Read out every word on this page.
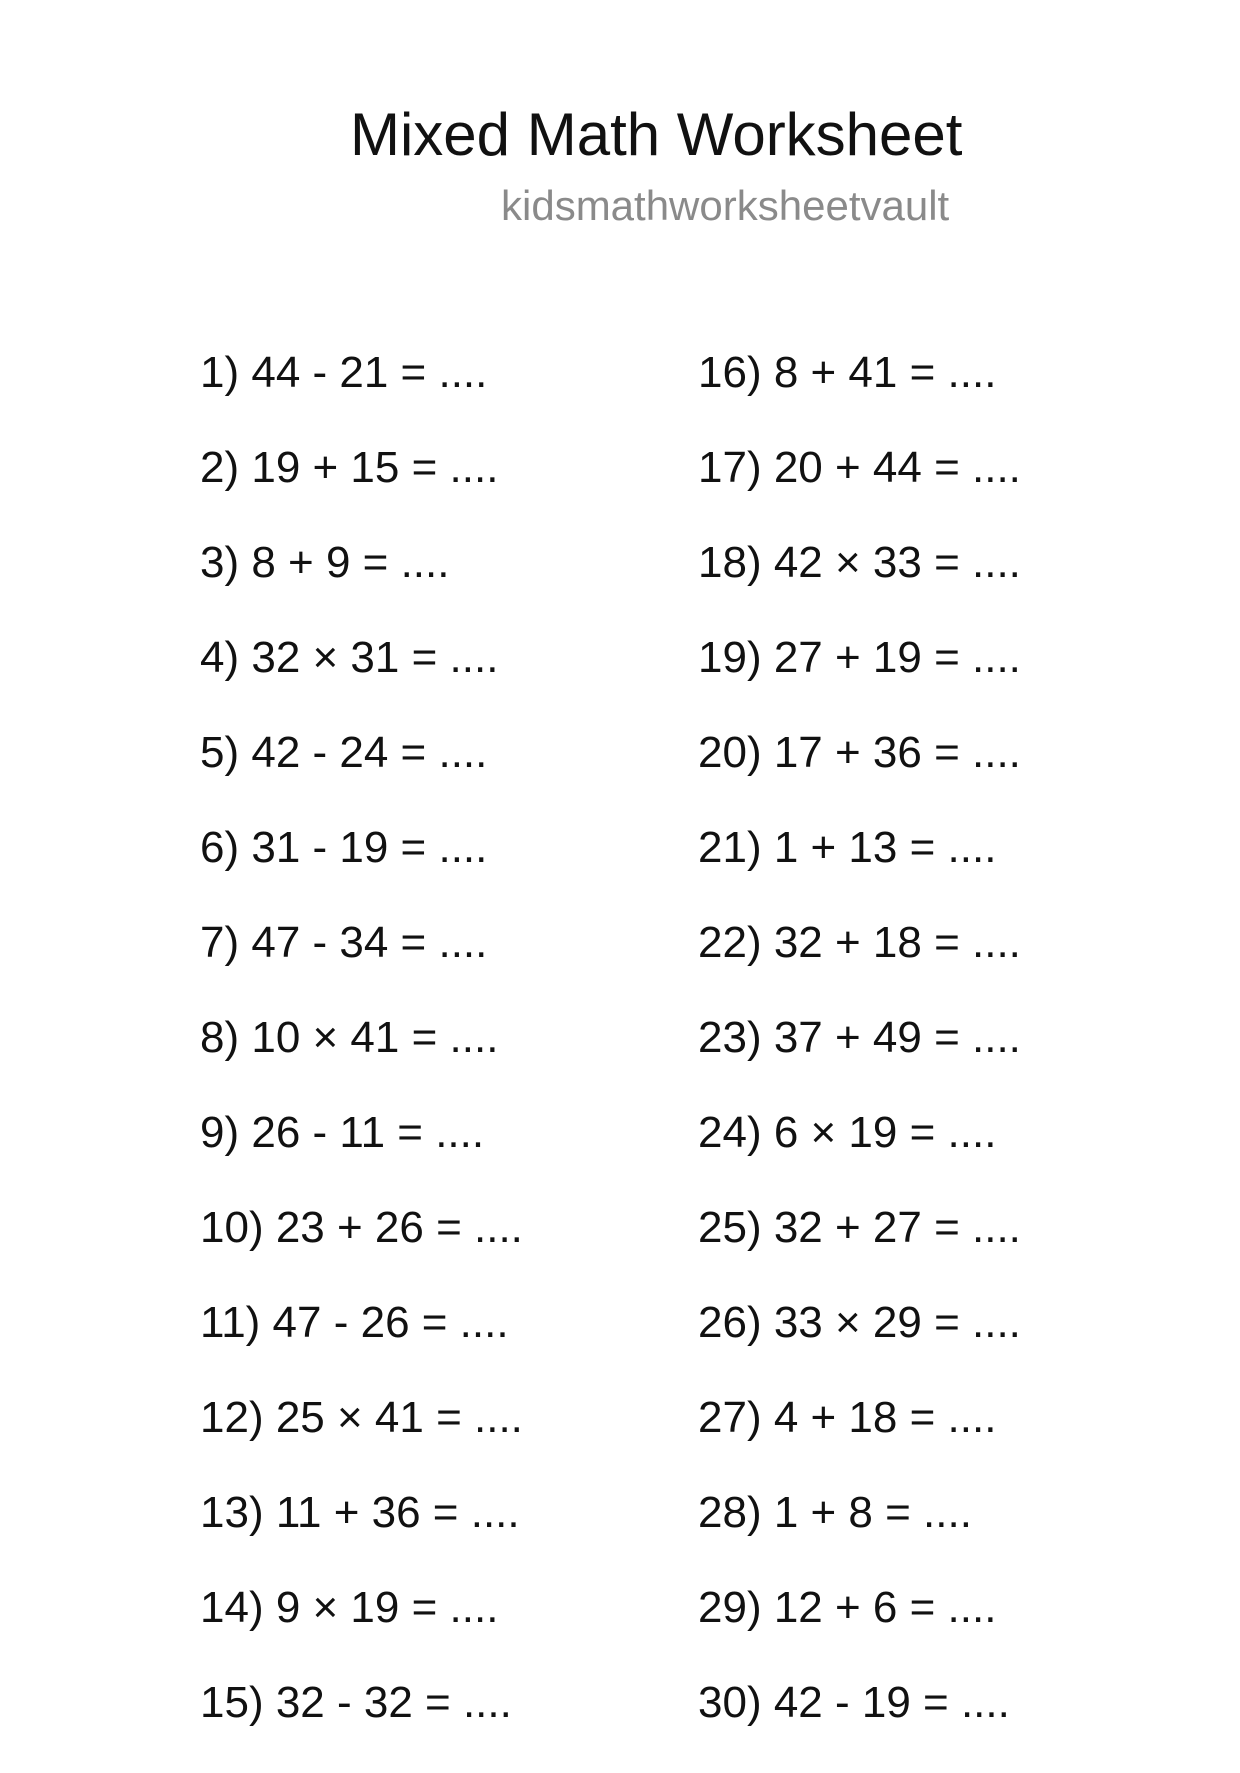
Mixed Math Worksheet
kidsmathworksheetvault
1) 44 - 21 = ....
2) 19 + 15 = ....
3) 8 + 9 = ....
4) 32 × 31 = ....
5) 42 - 24 = ....
6) 31 - 19 = ....
7) 47 - 34 = ....
8) 10 × 41 = ....
9) 26 - 11 = ....
10) 23 + 26 = ....
11) 47 - 26 = ....
12) 25 × 41 = ....
13) 11 + 36 = ....
14) 9 × 19 = ....
15) 32 - 32 = ....
16) 8 + 41 = ....
17) 20 + 44 = ....
18) 42 × 33 = ....
19) 27 + 19 = ....
20) 17 + 36 = ....
21) 1 + 13 = ....
22) 32 + 18 = ....
23) 37 + 49 = ....
24) 6 × 19 = ....
25) 32 + 27 = ....
26) 33 × 29 = ....
27) 4 + 18 = ....
28) 1 + 8 = ....
29) 12 + 6 = ....
30) 42 - 19 = ....
